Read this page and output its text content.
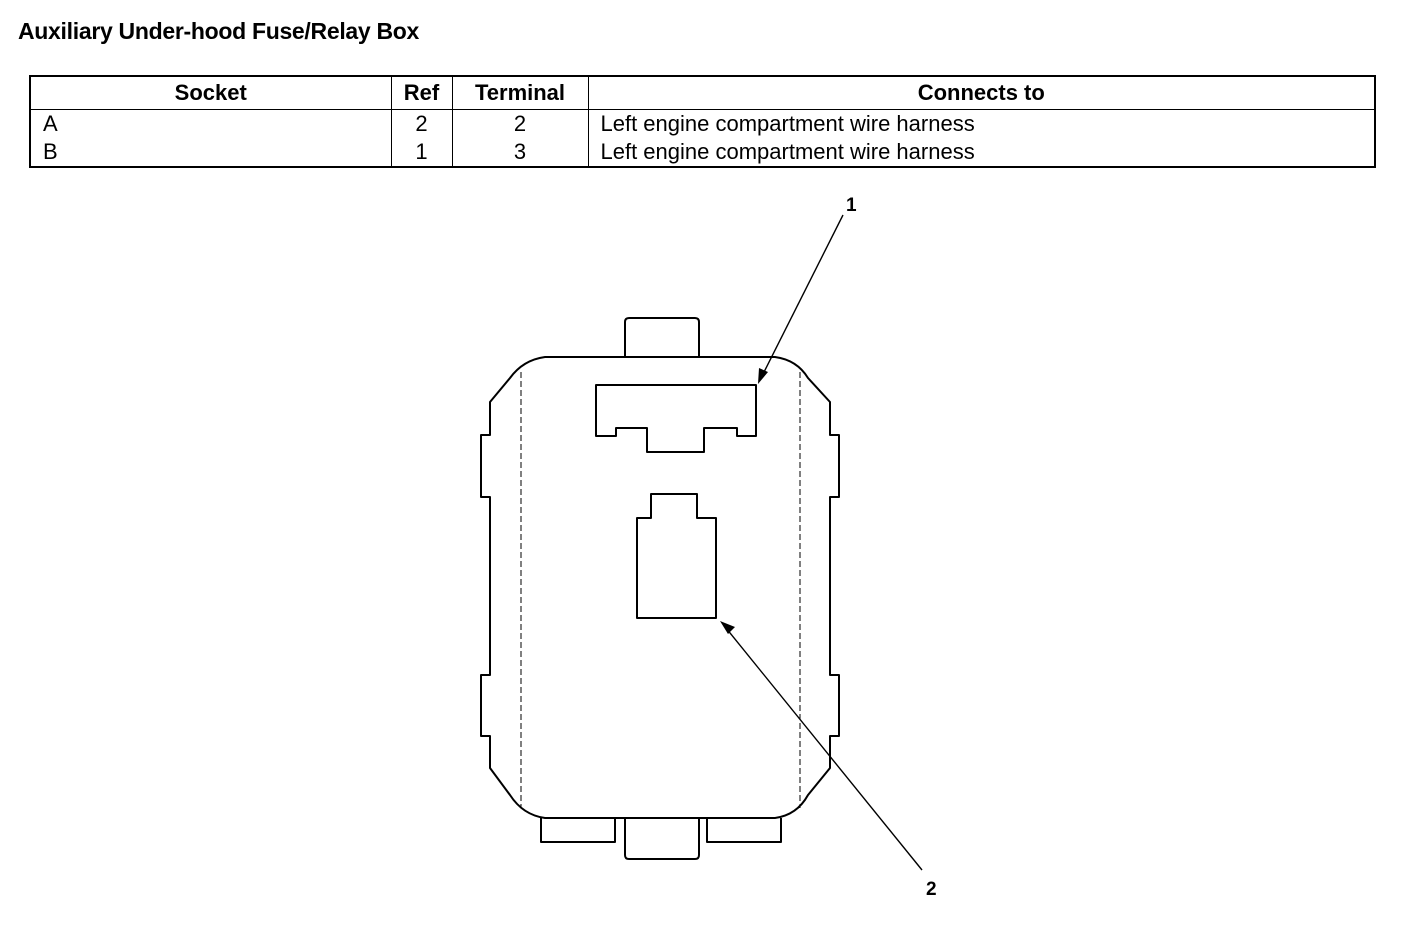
Auxiliary Under-hood Fuse/Relay Box
Socket	Ref	Terminal	Connects to
A	2	2	Left engine compartment wire harness
B	1	3	Left engine compartment wire harness
1
2
